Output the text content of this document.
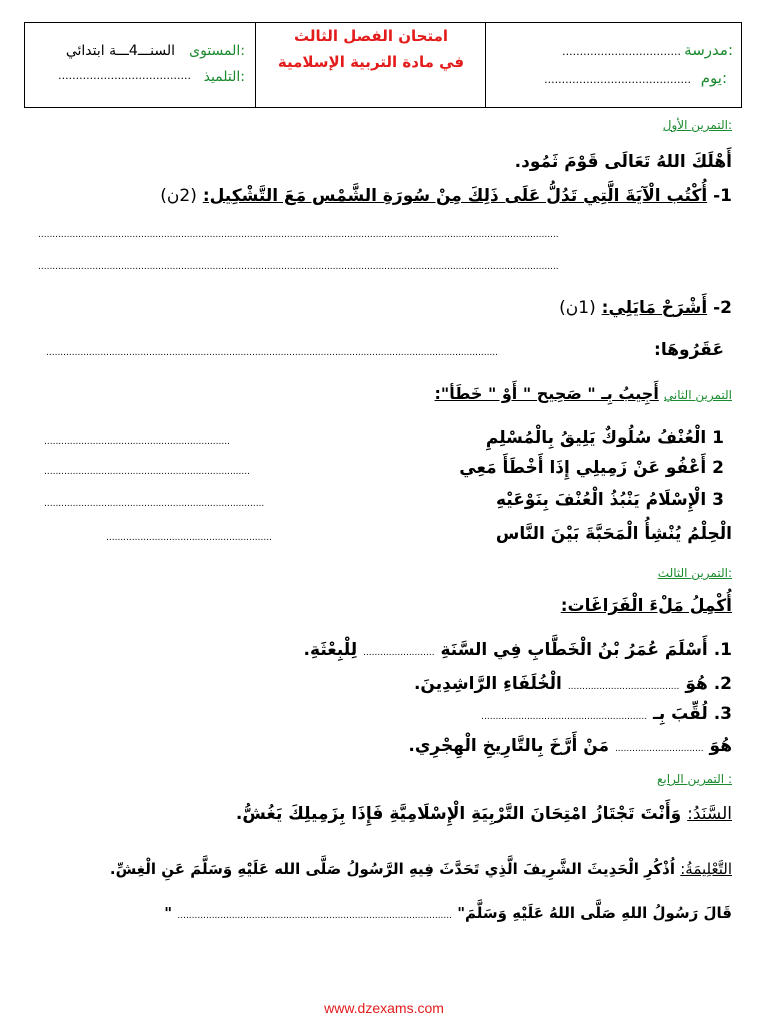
المستوى:
السنـــ4ـــة ابتدائي
التلميذ:
......................................
امتحان الفصل الثالث
في مادة التربية الإسلامية
مدرسة:
..................................
يوم:
..........................................
التمرين الأول:
أَهْلَكَ اللهُ تَعَالَى قَوْمَ ثَمُود.
1- أُكْتُب الْآيَةَ الَّتِي تَدُلُّ عَلَى ذَلِكَ مِنْ سُورَةِ الشَّمْس مَعَ التَّشْكِيل: (2ن)
......................................................................................................................................................................................
......................................................................................................................................................................................
2- أَشْرَحْ مَايَلِي: (1ن)
عَقَرُوهَا:
..............................................................................................................................................................
التمرين الثاني أَجِيبُ بِـ " صَحِيح " أَوْ " خَطَأ":
1 الْعُنْفُ سُلُوكٌ يَلِيقُ بِالْمُسْلِمِ
.................................................................
2 أَعْفُو عَنْ زَمِيلِي إِذَا أَخْطَأَ مَعِي
........................................................................
3 الْإِسْلَامُ يَنْبُذُ الْعُنْفَ بِنَوْعَيْهِ
.............................................................................
الْحِلْمُ يُنْشِأُ الْمَحَبَّةَ بَيْنَ النَّاس
..........................................................
التمرين الثالث:
أُكْمِلُ مَلْءَ الْفَرَاغَات:
1. أَسْلَمَ عُمَرُ بْنُ الْخَطَّابِ فِي السَّنَةِ ......................... لِلْبِعْثَةِ.
2. هُوَ ....................................... الْخُلَفَاءِ الرَّاشِدِينَ.
3. لُقِّبَ بِـ ..........................................................
هُوَ ............................... مَنْ أَرَّخَ بِالتَّارِيخِ الْهِجْرِي.
التمرين الرابع :
السَّنَدُ: وَأَنْتَ تَجْتَازُ امْتِحَانَ التَّرْبِيَةِ الْإِسْلَامِيَّةِ فَإِذَا بِزَمِيلِكَ يَغُشُّ.
التَّعْلِيمَةُ: اُذْكُرِ الْحَدِيثَ الشَّرِيفَ الَّذِي تَحَدَّثَ فِيهِ الرَّسُولُ صَلَّى الله عَلَيْهِ وَسَلَّمَ عَنِ الْغِشِّ.
قَالَ رَسُولُ اللهِ صَلَّى اللهُ عَلَيْهِ وَسَلَّمَ" ................................................................................................ "
www.dzexams.com
